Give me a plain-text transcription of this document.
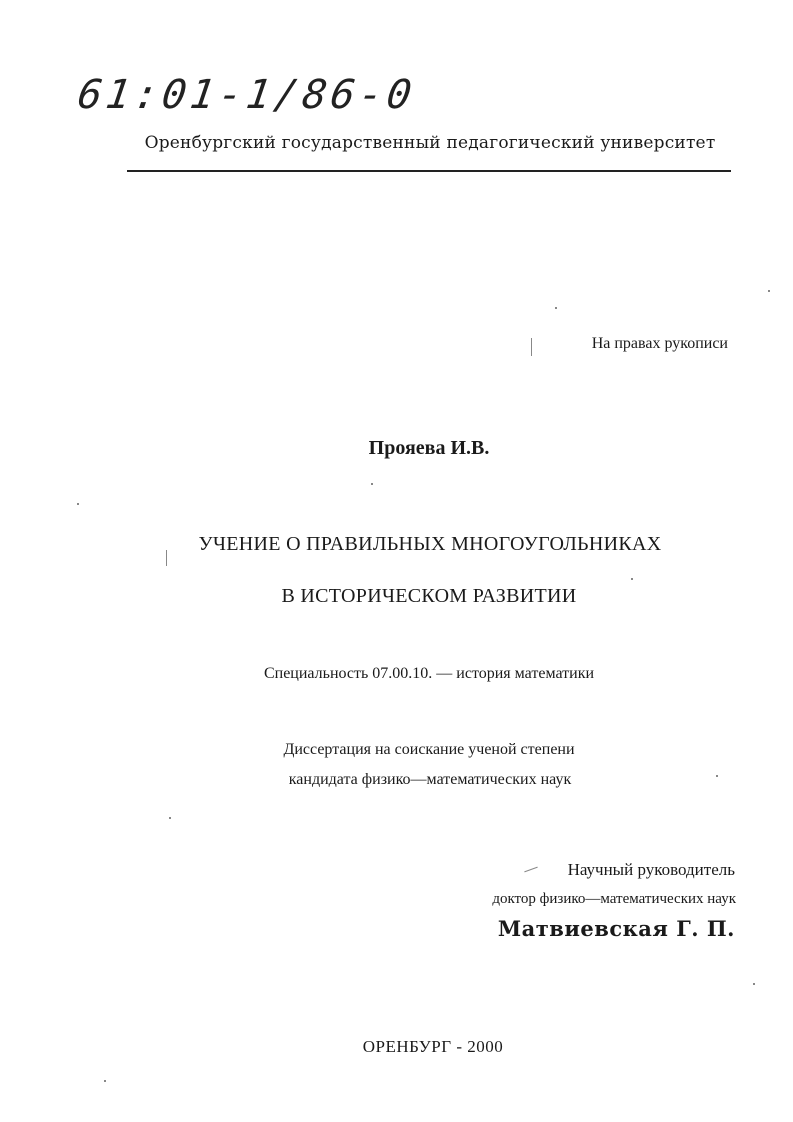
61:01-1/86-0
Оренбургский государственный педагогический университет
На правах рукописи
Прояева И.В.
УЧЕНИЕ О ПРАВИЛЬНЫХ МНОГОУГОЛЬНИКАХ
В ИСТОРИЧЕСКОМ РАЗВИТИИ
Специальность 07.00.10. — история математики
Диссертация на соискание ученой степени
кандидата физико—математических наук
Научный руководитель
доктор физико—математических наук
Матвиевская Г. П.
ОРЕНБУРГ - 2000
